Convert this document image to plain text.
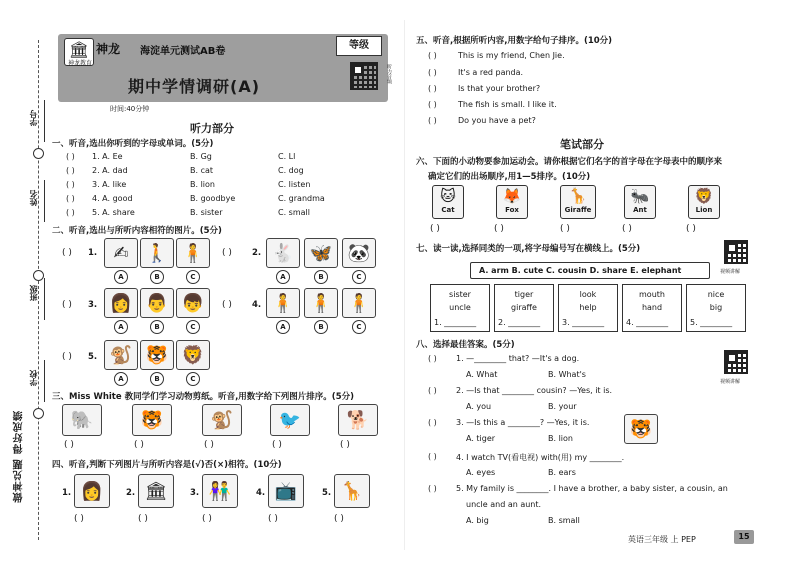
学号
姓名
班级
学校
做神兑题 得好成绩
🏛
神龙教育
神龙 海淀单元测试AB卷
期中学情调研(A)
等级
听力音频
时间:40分钟
听力部分
一、听音,选出你听到的字母或单词。(5分)
( ) 1. A. Ee	B. Gg	C. Ll
( ) 2. A. dad	B. cat	C. dog
( ) 3. A. like	B. lion	C. listen
( ) 4. A. good	B. goodbye	C. grandma
( ) 5. A. share	B. sister	C. small
二、听音,选出与所听内容相符的图片。(5分)
( ) 1. ✍ 🚶 🧍
A	B	C
( ) 2. 🐇 🦋 🐼
A	B	C
( ) 3. 👩 👨 👦
A	B	C
( ) 4. 🧍 🧍 🧍
A	B	C
( ) 5. 🐒 🐯 🦁
A	B	C
三、Miss White 教同学们学习动物剪纸。听音,用数字给下列图片排序。(5分)
🐘	🐯	🐒	🐦	🐕
( )	( )	( )	( )	( )
四、听音,判断下列图片与所听内容是(√)否(×)相符。(10分)
1. 👩	2. 🏛	3. 👫	4. 📺	5. 🦒
( )	( )	( )	( )	( )
五、听音,根据所听内容,用数字给句子排序。(10分)
( )	This is my friend, Chen Jie.
( )	It's a red panda.
( )	Is that your brother?
( )	The fish is small. I like it.
( )	Do you have a pet?
笔试部分
六、下面的小动物要参加运动会。请你根据它们名字的首字母在字母表中的顺序来
确定它们的出场顺序,用1—5排序。(10分)
🐱
Cat
🦊
Fox
🦒
Giraffe
🐜
Ant
🦁
Lion
( )	( )	( )	( )	( )
七、读一读,选择同类的一项,将字母编号写在横线上。(5分)
视频讲解
A. arm B. cute C. cousin D. share E. elephant
sister
uncle
1. ________
tiger
giraffe
2. ________
look
help
3. ________
mouth
hand
4. ________
nice
big
5. ________
八、选择最佳答案。(5分)
视频讲解
( ) 1. —________ that? —It's a dog.
A. What	B. What's
( ) 2. —Is that ________ cousin? —Yes, it is.
A. you	B. your
( ) 3. —Is this a ________? —Yes, it is.	🐯
A. tiger	B. lion
( ) 4. I watch TV(看电视) with(用) my ________.
A. eyes	B. ears
( ) 5. My family is ________. I have a brother, a baby sister, a cousin, an
uncle and an aunt.
A. big	B. small
英语三年级 上 PEP	15
